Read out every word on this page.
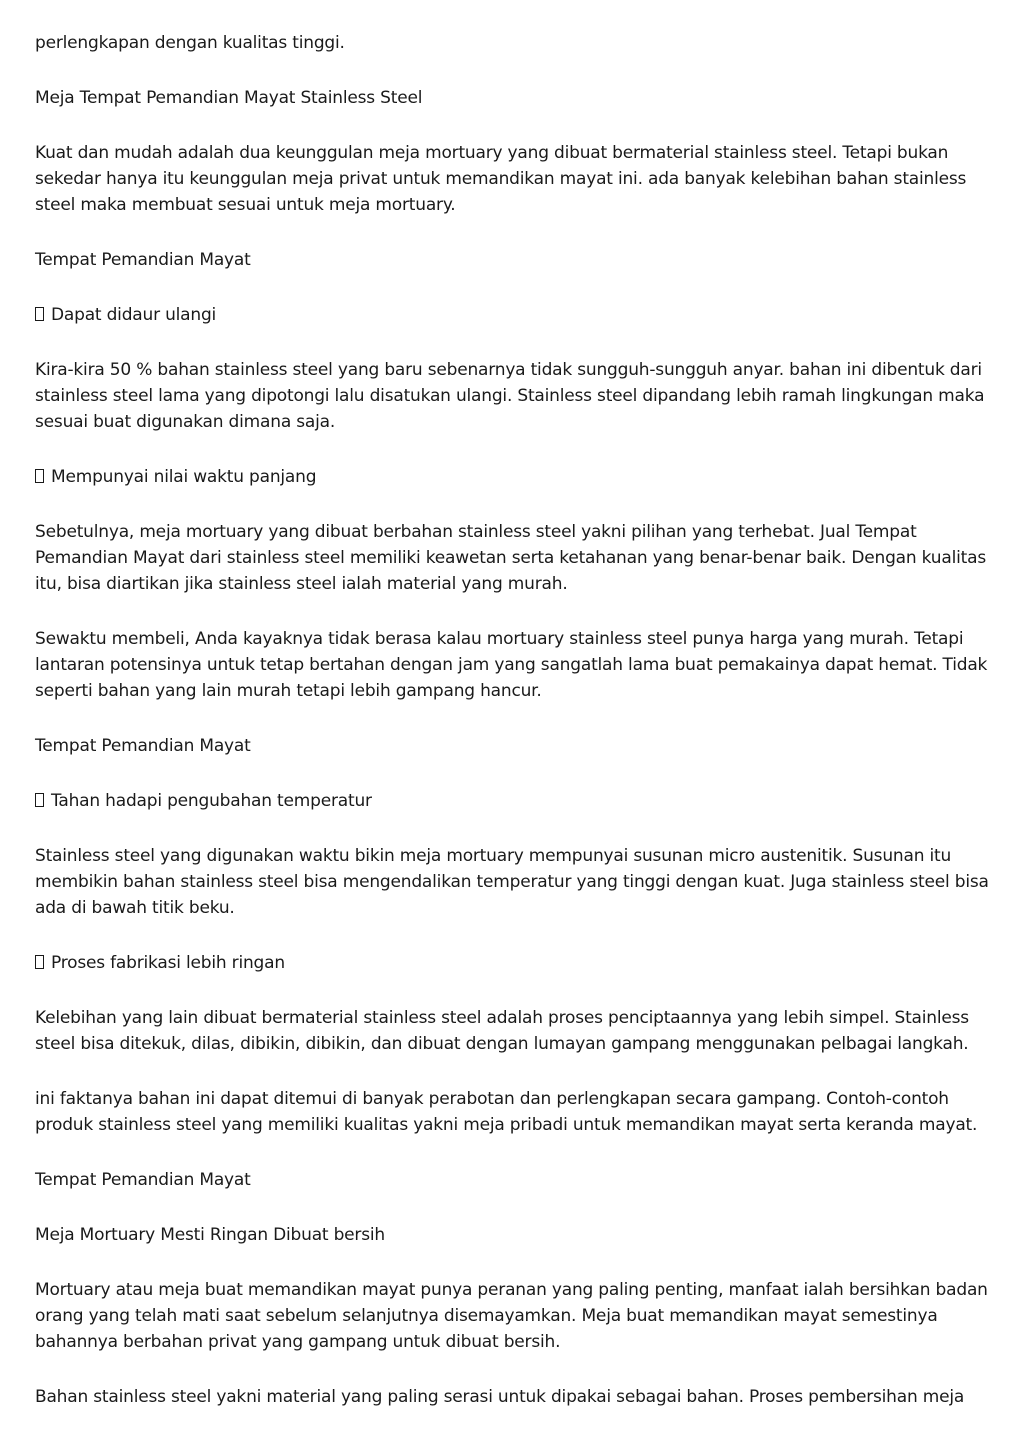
perlengkapan dengan kualitas tinggi.

Meja Tempat Pemandian Mayat Stainless Steel

Kuat dan mudah adalah dua keunggulan meja mortuary yang dibuat bermaterial stainless steel. Tetapi bukan sekedar hanya itu keunggulan meja privat untuk memandikan mayat ini. ada banyak kelebihan bahan stainless steel maka membuat sesuai untuk meja mortuary.

Tempat Pemandian Mayat

Dapat didaur ulangi

Kira-kira 50 % bahan stainless steel yang baru sebenarnya tidak sungguh-sungguh anyar. bahan ini dibentuk dari stainless steel lama yang dipotongi lalu disatukan ulangi. Stainless steel dipandang lebih ramah lingkungan maka sesuai buat digunakan dimana saja.

Mempunyai nilai waktu panjang

Sebetulnya, meja mortuary yang dibuat berbahan stainless steel yakni pilihan yang terhebat. Jual Tempat Pemandian Mayat dari stainless steel memiliki keawetan serta ketahanan yang benar-benar baik. Dengan kualitas itu, bisa diartikan jika stainless steel ialah material yang murah.

Sewaktu membeli, Anda kayaknya tidak berasa kalau mortuary stainless steel punya harga yang murah. Tetapi lantaran potensinya untuk tetap bertahan dengan jam yang sangatlah lama buat pemakainya dapat hemat. Tidak seperti bahan yang lain murah tetapi lebih gampang hancur.

Tempat Pemandian Mayat

Tahan hadapi pengubahan temperatur

Stainless steel yang digunakan waktu bikin meja mortuary mempunyai susunan micro austenitik. Susunan itu membikin bahan stainless steel bisa mengendalikan temperatur yang tinggi dengan kuat. Juga stainless steel bisa ada di bawah titik beku.

Proses fabrikasi lebih ringan

Kelebihan yang lain dibuat bermaterial stainless steel adalah proses penciptaannya yang lebih simpel. Stainless steel bisa ditekuk, dilas, dibikin, dibikin, dan dibuat dengan lumayan gampang menggunakan pelbagai langkah.

ini faktanya bahan ini dapat ditemui di banyak perabotan dan perlengkapan secara gampang. Contoh-contoh produk stainless steel yang memiliki kualitas yakni meja pribadi untuk memandikan mayat serta keranda mayat.

Tempat Pemandian Mayat

Meja Mortuary Mesti Ringan Dibuat bersih

Mortuary atau meja buat memandikan mayat punya peranan yang paling penting, manfaat ialah bersihkan badan orang yang telah mati saat sebelum selanjutnya disemayamkan. Meja buat memandikan mayat semestinya bahannya berbahan privat yang gampang untuk dibuat bersih.

Bahan stainless steel yakni material yang paling serasi untuk dipakai sebagai bahan. Proses pembersihan meja
